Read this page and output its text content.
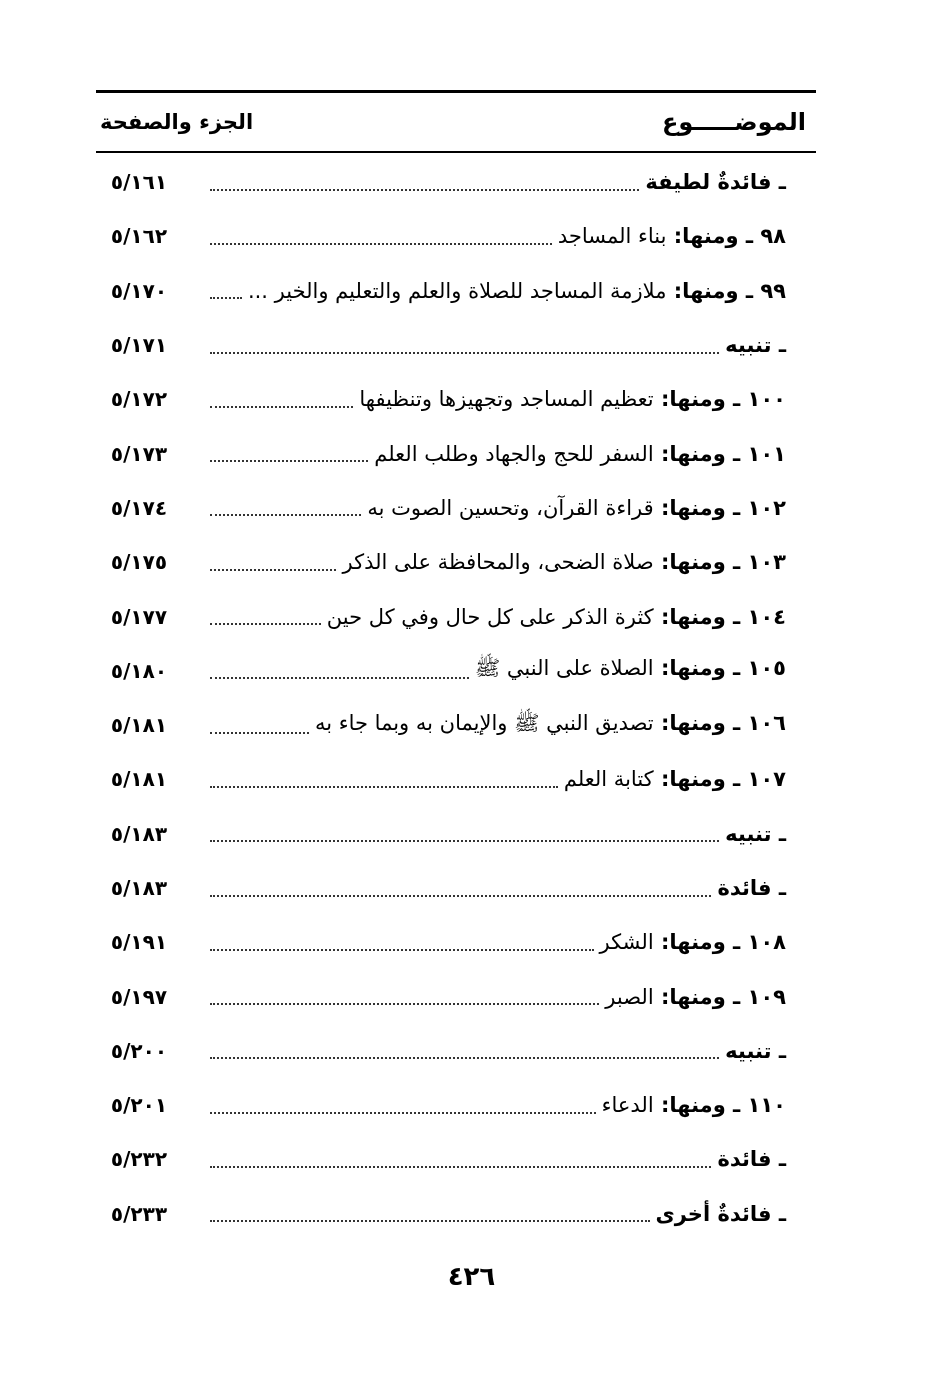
الموضـــــوع
الجزء والصفحة
ـ فائدةٌ لطيفة
٥/١٦١
٩٨ ـ ومنها: بناء المساجد
٥/١٦٢
٩٩ ـ ومنها: ملازمة المساجد للصلاة والعلم والتعليم والخير ...
٥/١٧٠
ـ تنبيه
٥/١٧١
١٠٠ ـ ومنها: تعظيم المساجد وتجهيزها وتنظيفها
٥/١٧٢
١٠١ ـ ومنها: السفر للحج والجهاد وطلب العلم
٥/١٧٣
١٠٢ ـ ومنها: قراءة القرآن، وتحسين الصوت به
٥/١٧٤
١٠٣ ـ ومنها: صلاة الضحى، والمحافظة على الذكر
٥/١٧٥
١٠٤ ـ ومنها: كثرة الذكر على كل حال وفي كل حين
٥/١٧٧
١٠٥ ـ ومنها: الصلاة على النبي ﷺ
٥/١٨٠
١٠٦ ـ ومنها: تصديق النبي ﷺ والإيمان به وبما جاء به
٥/١٨١
١٠٧ ـ ومنها: كتابة العلم
٥/١٨١
ـ تنبيه
٥/١٨٣
ـ فائدة
٥/١٨٣
١٠٨ ـ ومنها: الشكر
٥/١٩١
١٠٩ ـ ومنها: الصبر
٥/١٩٧
ـ تنبيه
٥/٢٠٠
١١٠ ـ ومنها: الدعاء
٥/٢٠١
ـ فائدة
٥/٢٣٢
ـ فائدةٌ أخرى
٥/٢٣٣
٤٢٦
